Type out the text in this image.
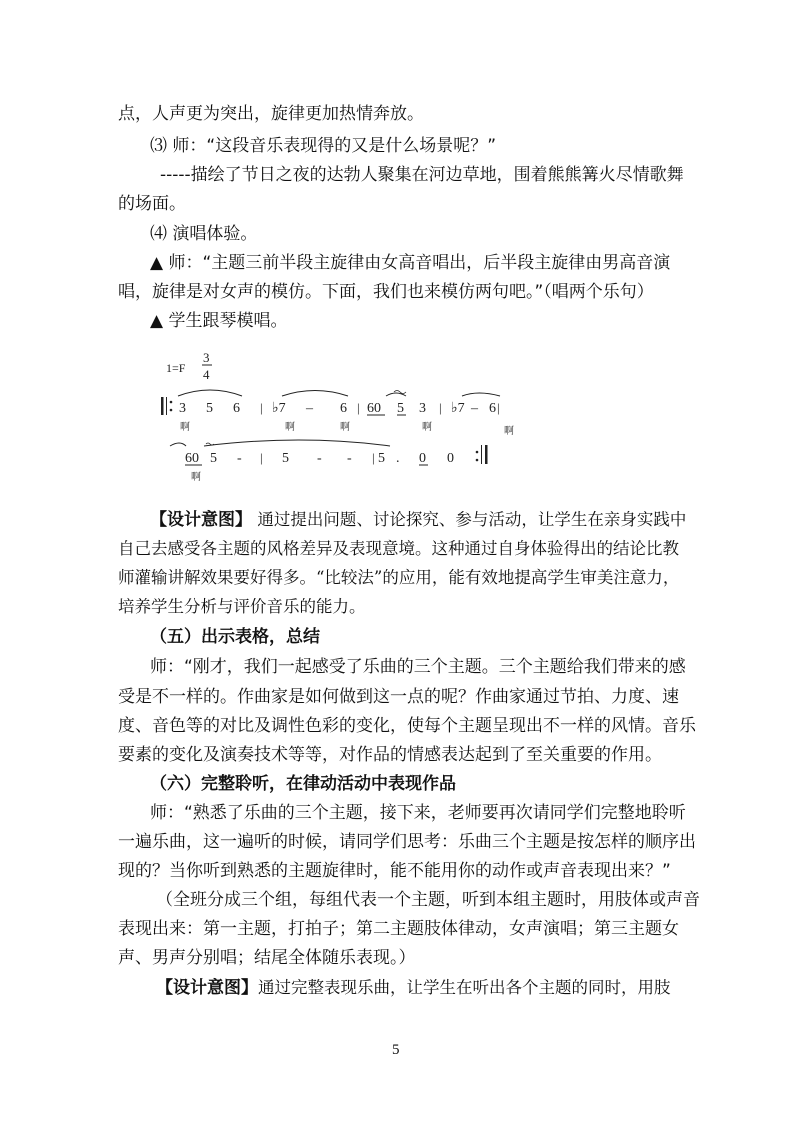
点，人声更为突出，旋律更加热情奔放。
⑶ 师：“这段音乐表现得的又是什么场景呢？”
-----描绘了节日之夜的达勃人聚集在河边草地，围着熊熊篝火尽情歌舞
的场面。
⑷ 演唱体验。
▲ 师：“主题三前半段主旋律由女高音唱出，后半段主旋律由男高音演
唱，旋律是对女声的模仿。下面，我们也来模仿两句吧。”（唱两个乐句）
▲ 学生跟琴模唱。
1=F
3
4
3 5 6 | ♭7 – 6 | 60 5 3 | ♭7 – 6 |
啊	啊	啊	啊	啊
60 5 - | 5 - - | 5 . 0 0
啊
【设计意图】 通过提出问题、讨论探究、参与活动，让学生在亲身实践中
自己去感受各主题的风格差异及表现意境。这种通过自身体验得出的结论比教
师灌输讲解效果要好得多。“比较法”的应用，能有效地提高学生审美注意力，
培养学生分析与评价音乐的能力。
（五）出示表格，总结
师：“刚才，我们一起感受了乐曲的三个主题。三个主题给我们带来的感
受是不一样的。作曲家是如何做到这一点的呢？作曲家通过节拍、力度、速
度、音色等的对比及调性色彩的变化，使每个主题呈现出不一样的风情。音乐
要素的变化及演奏技术等等，对作品的情感表达起到了至关重要的作用。
（六）完整聆听，在律动活动中表现作品
师：“熟悉了乐曲的三个主题，接下来，老师要再次请同学们完整地聆听
一遍乐曲，这一遍听的时候，请同学们思考：乐曲三个主题是按怎样的顺序出
现的？当你听到熟悉的主题旋律时，能不能用你的动作或声音表现出来？”
（全班分成三个组，每组代表一个主题，听到本组主题时，用肢体或声音
表现出来：第一主题，打拍子；第二主题肢体律动，女声演唱；第三主题女
声、男声分别唱；结尾全体随乐表现。）
【设计意图】通过完整表现乐曲，让学生在听出各个主题的同时，用肢
5
